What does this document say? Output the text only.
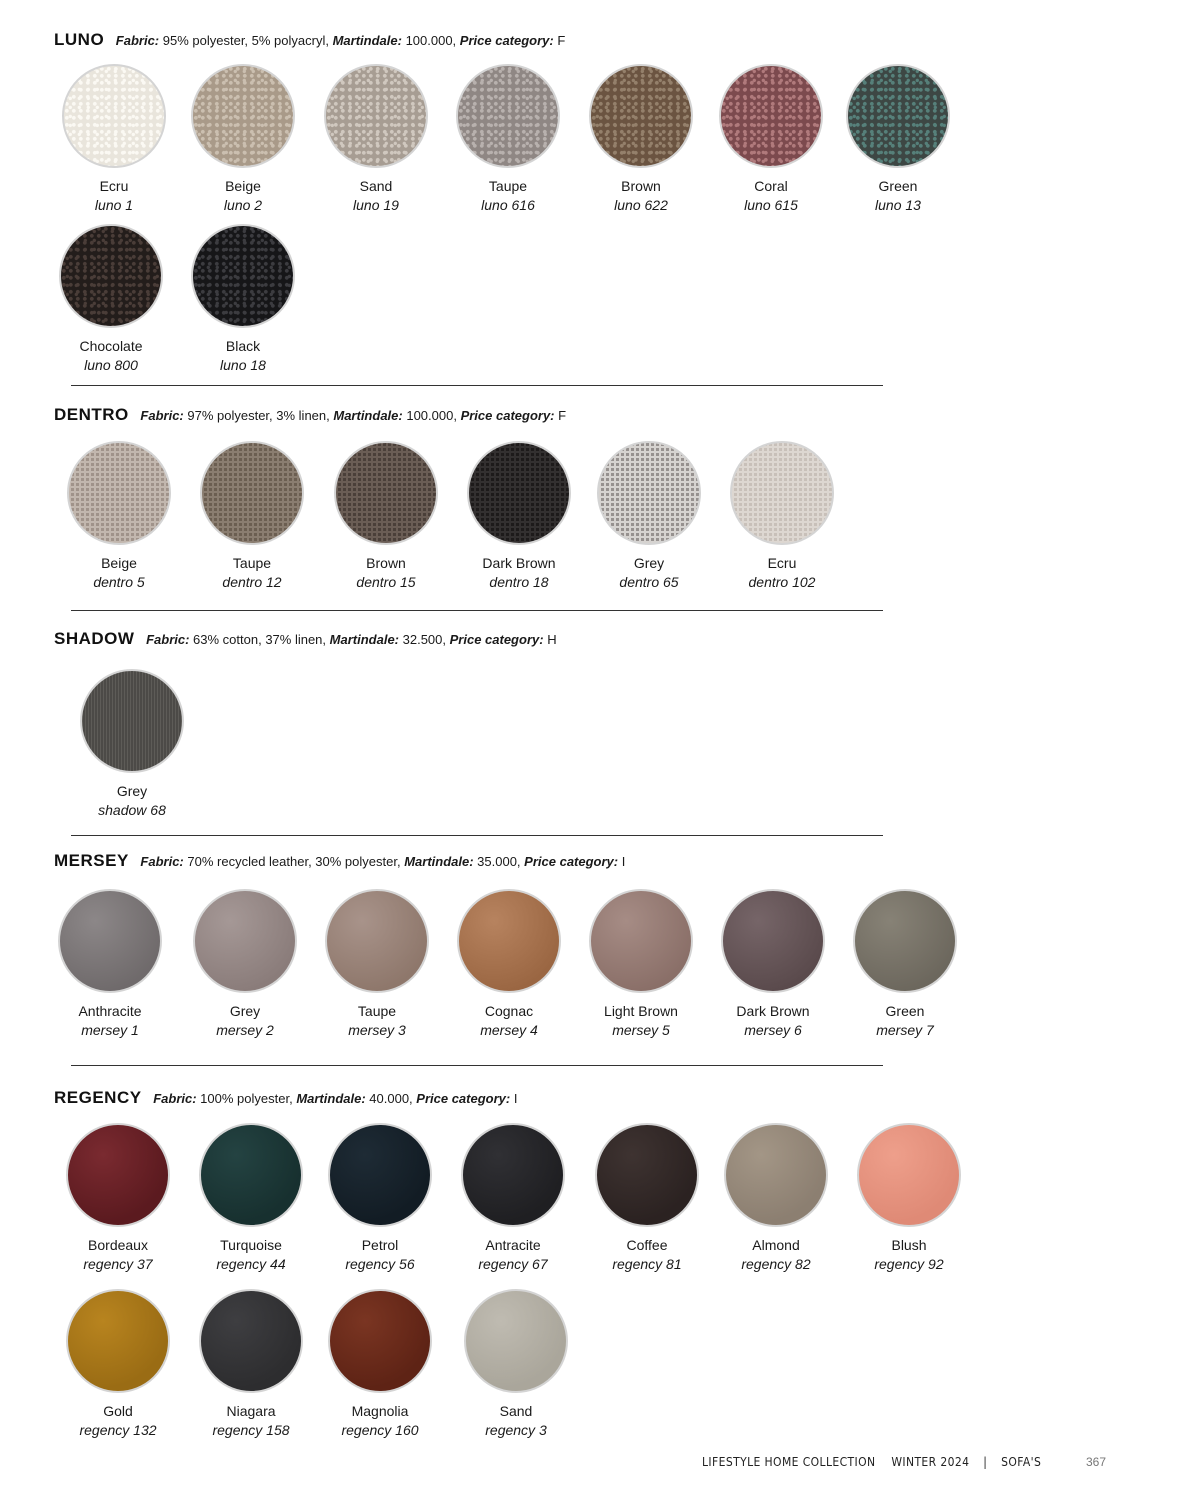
LUNO Fabric: 95% polyester, 5% polyacryl, Martindale: 100.000, Price category: F
Ecru
luno 1
Beige
luno 2
Sand
luno 19
Taupe
luno 616
Brown
luno 622
Coral
luno 615
Green
luno 13
Chocolate
luno 800
Black
luno 18
DENTRO Fabric: 97% polyester, 3% linen, Martindale: 100.000, Price category: F
Beige
dentro 5
Taupe
dentro 12
Brown
dentro 15
Dark Brown
dentro 18
Grey
dentro 65
Ecru
dentro 102
SHADOW Fabric: 63% cotton, 37% linen, Martindale: 32.500, Price category: H
Grey
shadow 68
MERSEY Fabric: 70% recycled leather, 30% polyester, Martindale: 35.000, Price category: I
Anthracite
mersey 1
Grey
mersey 2
Taupe
mersey 3
Cognac
mersey 4
Light Brown
mersey 5
Dark Brown
mersey 6
Green
mersey 7
REGENCY Fabric: 100% polyester, Martindale: 40.000, Price category: I
Bordeaux
regency 37
Turquoise
regency 44
Petrol
regency 56
Antracite
regency 67
Coffee
regency 81
Almond
regency 82
Blush
regency 92
Gold
regency 132
Niagara
regency 158
Magnolia
regency 160
Sand
regency 3
LIFESTYLE HOME COLLECTION WINTER 2024 | SOFA'S	367
